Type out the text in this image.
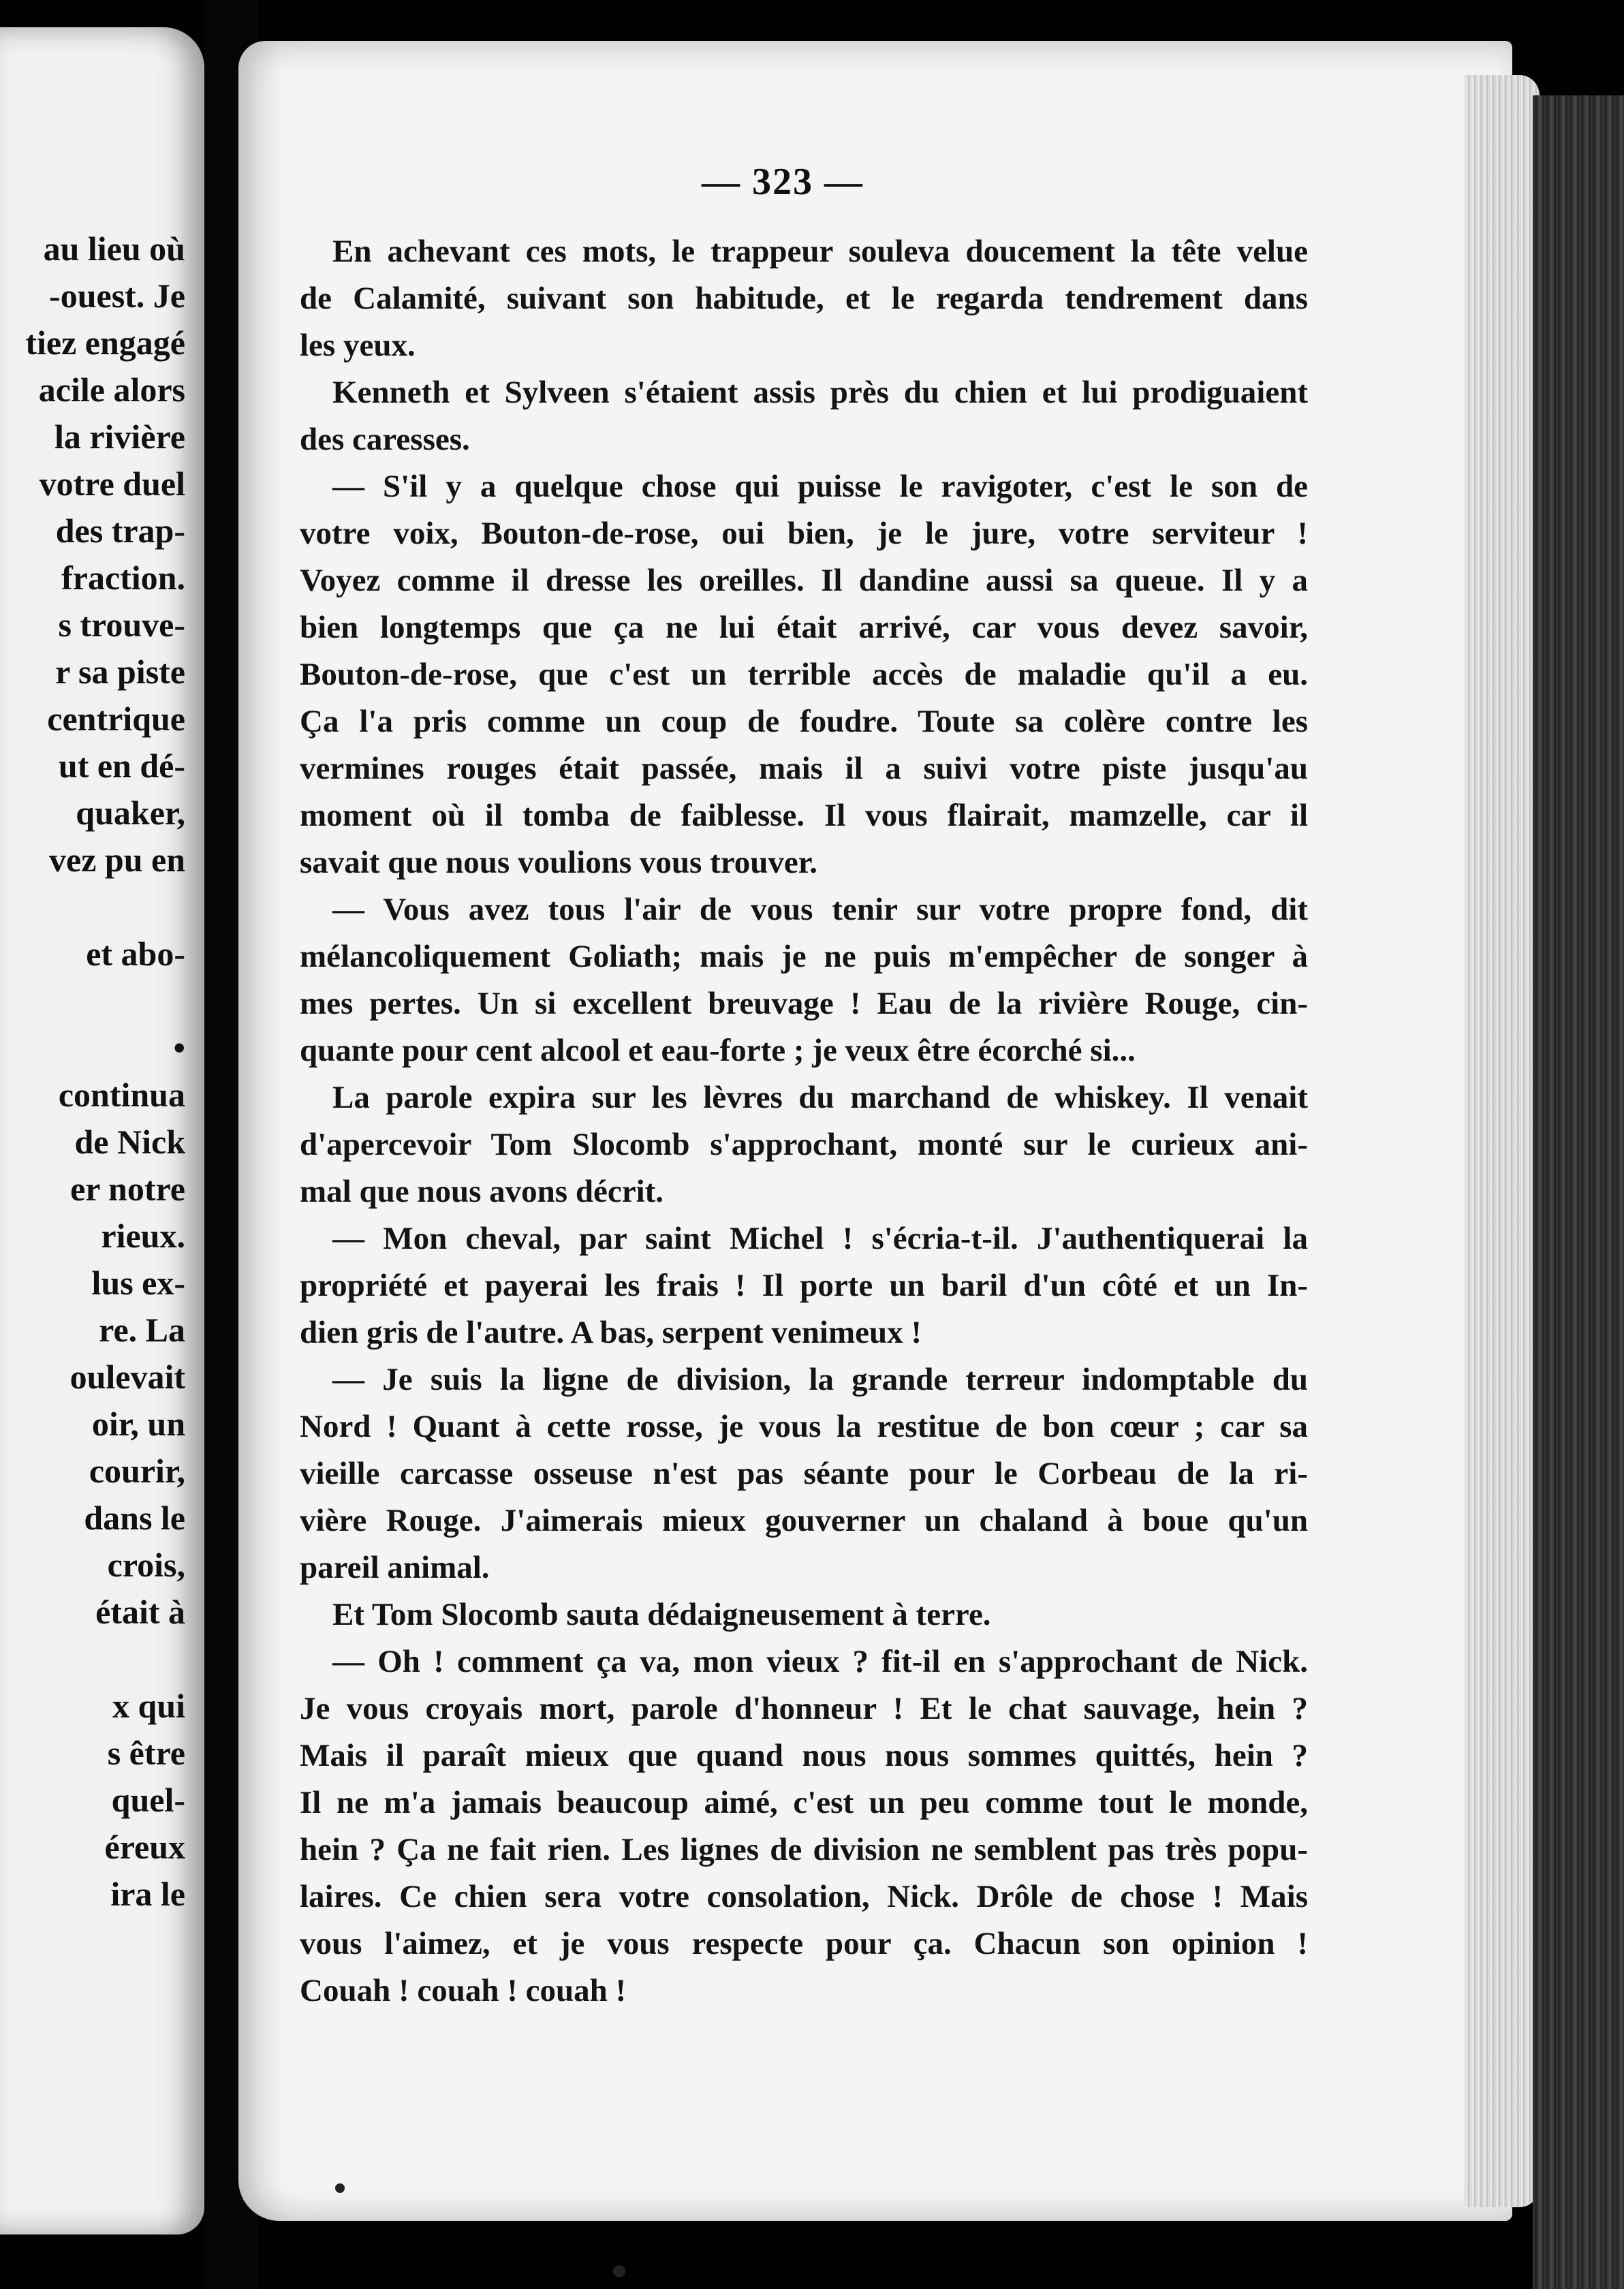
au lieu où
-ouest. Je
tiez engagé
acile alors
la rivière
votre duel
des trap-
fraction.
s trouve-
r sa piste
centrique
ut en dé-
quaker,
vez pu en
et abo-
•
continua
de Nick
er notre
rieux.
lus ex-
re. La
oulevait
oir, un
courir,
dans le
crois,
était à
x qui
s être
quel-
éreux
ira le
— 323 —
En achevant ces mots, le trappeur souleva doucement la tête velue
de Calamité, suivant son habitude, et le regarda tendrement dans
les yeux.
Kenneth et Sylveen s'étaient assis près du chien et lui prodiguaient
des caresses.
— S'il y a quelque chose qui puisse le ravigoter, c'est le son de
votre voix, Bouton-de-rose, oui bien, je le jure, votre serviteur !
Voyez comme il dresse les oreilles. Il dandine aussi sa queue. Il y a
bien longtemps que ça ne lui était arrivé, car vous devez savoir,
Bouton-de-rose, que c'est un terrible accès de maladie qu'il a eu.
Ça l'a pris comme un coup de foudre. Toute sa colère contre les
vermines rouges était passée, mais il a suivi votre piste jusqu'au
moment où il tomba de faiblesse. Il vous flairait, mamzelle, car il
savait que nous voulions vous trouver.
— Vous avez tous l'air de vous tenir sur votre propre fond, dit
mélancoliquement Goliath; mais je ne puis m'empêcher de songer à
mes pertes. Un si excellent breuvage ! Eau de la rivière Rouge, cin-
quante pour cent alcool et eau-forte ; je veux être écorché si...
La parole expira sur les lèvres du marchand de whiskey. Il venait
d'apercevoir Tom Slocomb s'approchant, monté sur le curieux ani-
mal que nous avons décrit.
— Mon cheval, par saint Michel ! s'écria-t-il. J'authentiquerai la
propriété et payerai les frais ! Il porte un baril d'un côté et un In-
dien gris de l'autre. A bas, serpent venimeux !
— Je suis la ligne de division, la grande terreur indomptable du
Nord ! Quant à cette rosse, je vous la restitue de bon cœur ; car sa
vieille carcasse osseuse n'est pas séante pour le Corbeau de la ri-
vière Rouge. J'aimerais mieux gouverner un chaland à boue qu'un
pareil animal.
Et Tom Slocomb sauta dédaigneusement à terre.
— Oh ! comment ça va, mon vieux ? fit-il en s'approchant de Nick.
Je vous croyais mort, parole d'honneur ! Et le chat sauvage, hein ?
Mais il paraît mieux que quand nous nous sommes quittés, hein ?
Il ne m'a jamais beaucoup aimé, c'est un peu comme tout le monde,
hein ? Ça ne fait rien. Les lignes de division ne semblent pas très popu-
laires. Ce chien sera votre consolation, Nick. Drôle de chose ! Mais
vous l'aimez, et je vous respecte pour ça. Chacun son opinion !
Couah ! couah ! couah !
